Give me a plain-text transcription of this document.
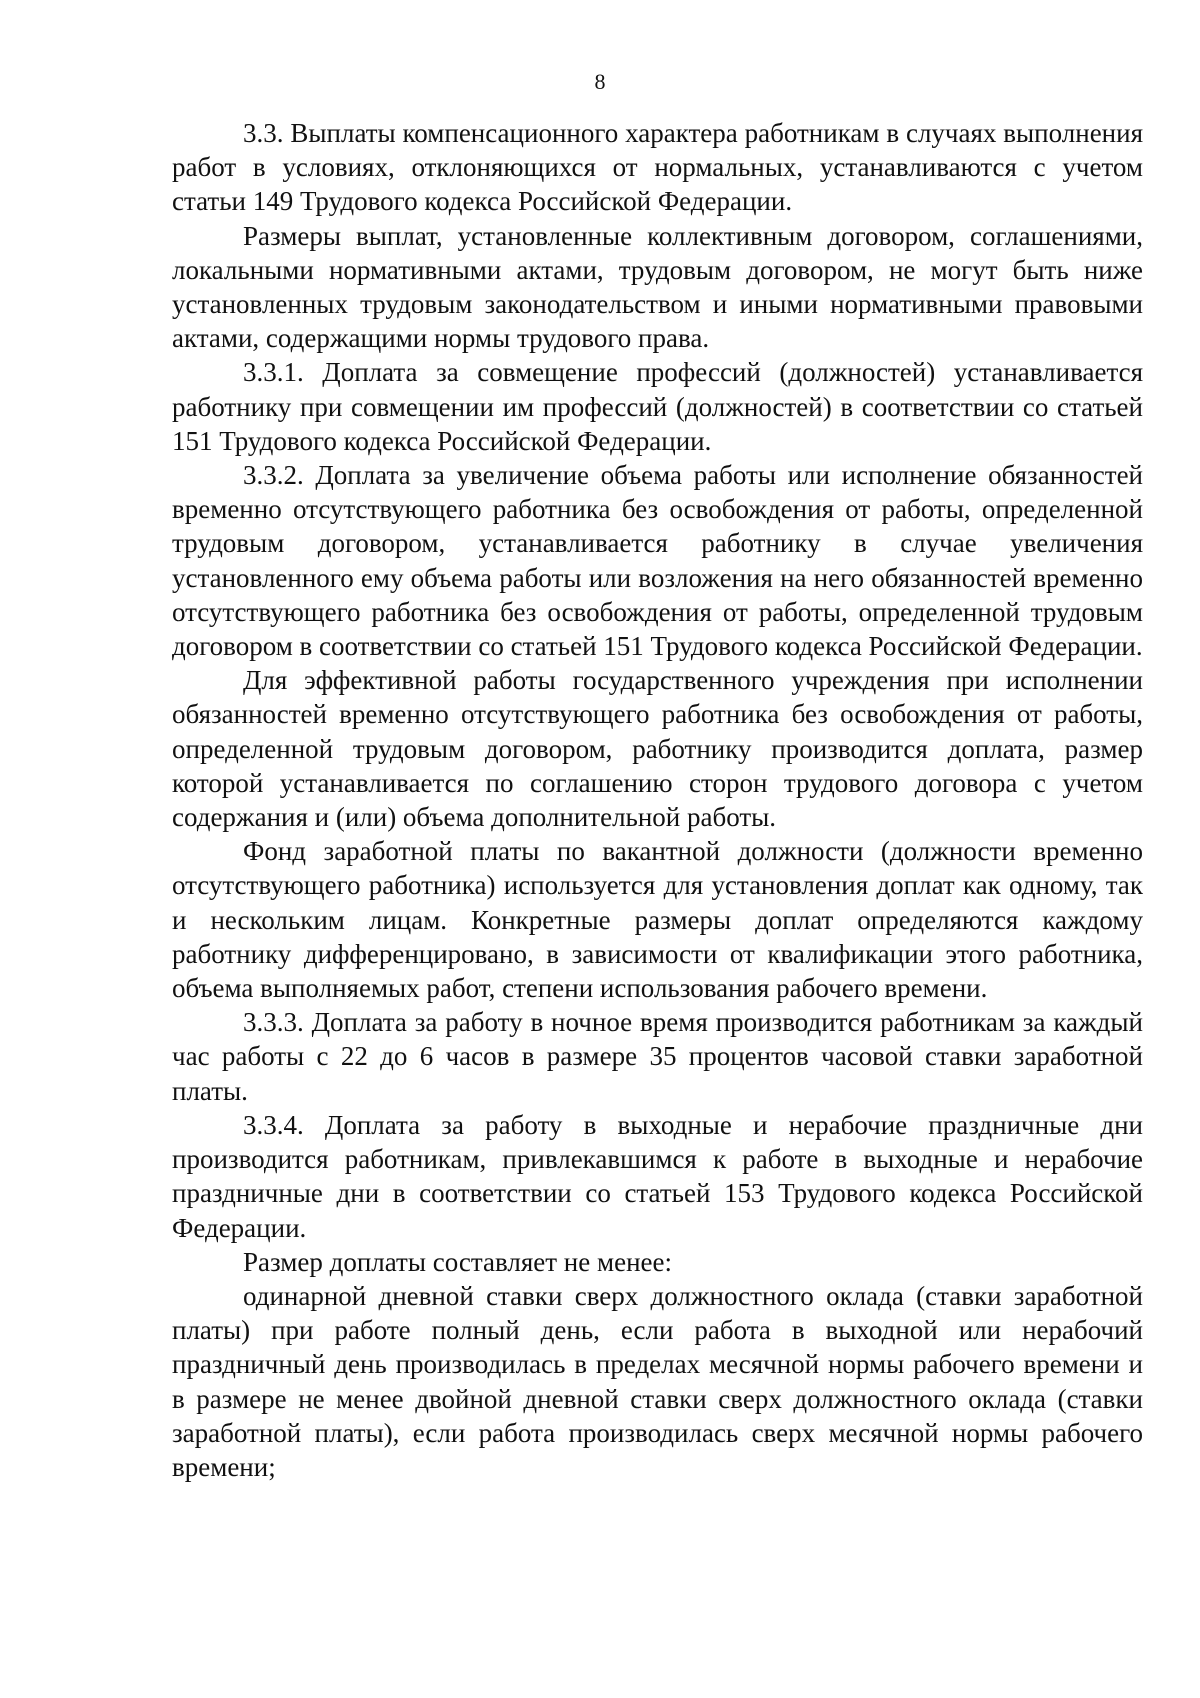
8

3.3. Выплаты компенсационного характера работникам в случаях выполнения работ в условиях, отклоняющихся от нормальных, устанавливаются с учетом статьи 149 Трудового кодекса Российской Федерации.

Размеры выплат, установленные коллективным договором, соглашениями, локальными нормативными актами, трудовым договором, не могут быть ниже установленных трудовым законодательством и иными нормативными правовыми актами, содержащими нормы трудового права.

3.3.1. Доплата за совмещение профессий (должностей) устанавливается работнику при совмещении им профессий (должностей) в соответствии со статьей 151 Трудового кодекса Российской Федерации.

3.3.2. Доплата за увеличение объема работы или исполнение обязанностей временно отсутствующего работника без освобождения от работы, определенной трудовым договором, устанавливается работнику в случае увеличения установленного ему объема работы или возложения на него обязанностей временно отсутствующего работника без освобождения от работы, определенной трудовым договором в соответствии со статьей 151 Трудового кодекса Российской Федерации.

Для эффективной работы государственного учреждения при исполнении обязанностей временно отсутствующего работника без освобождения от работы, определенной трудовым договором, работнику производится доплата, размер которой устанавливается по соглашению сторон трудового договора с учетом содержания и (или) объема дополнительной работы.

Фонд заработной платы по вакантной должности (должности временно отсутствующего работника) используется для установления доплат как одному, так и нескольким лицам. Конкретные размеры доплат определяются каждому работнику дифференцировано, в зависимости от квалификации этого работника, объема выполняемых работ, степени использования рабочего времени.

3.3.3. Доплата за работу в ночное время производится работникам за каждый час работы с 22 до 6 часов в размере 35 процентов часовой ставки заработной платы.

3.3.4. Доплата за работу в выходные и нерабочие праздничные дни производится работникам, привлекавшимся к работе в выходные и нерабочие праздничные дни в соответствии со статьей 153 Трудового кодекса Российской Федерации.

Размер доплаты составляет не менее:

одинарной дневной ставки сверх должностного оклада (ставки заработной платы) при работе полный день, если работа в выходной или нерабочий праздничный день производилась в пределах месячной нормы рабочего времени и в размере не менее двойной дневной ставки сверх должностного оклада (ставки заработной платы), если работа производилась сверх месячной нормы рабочего времени;
